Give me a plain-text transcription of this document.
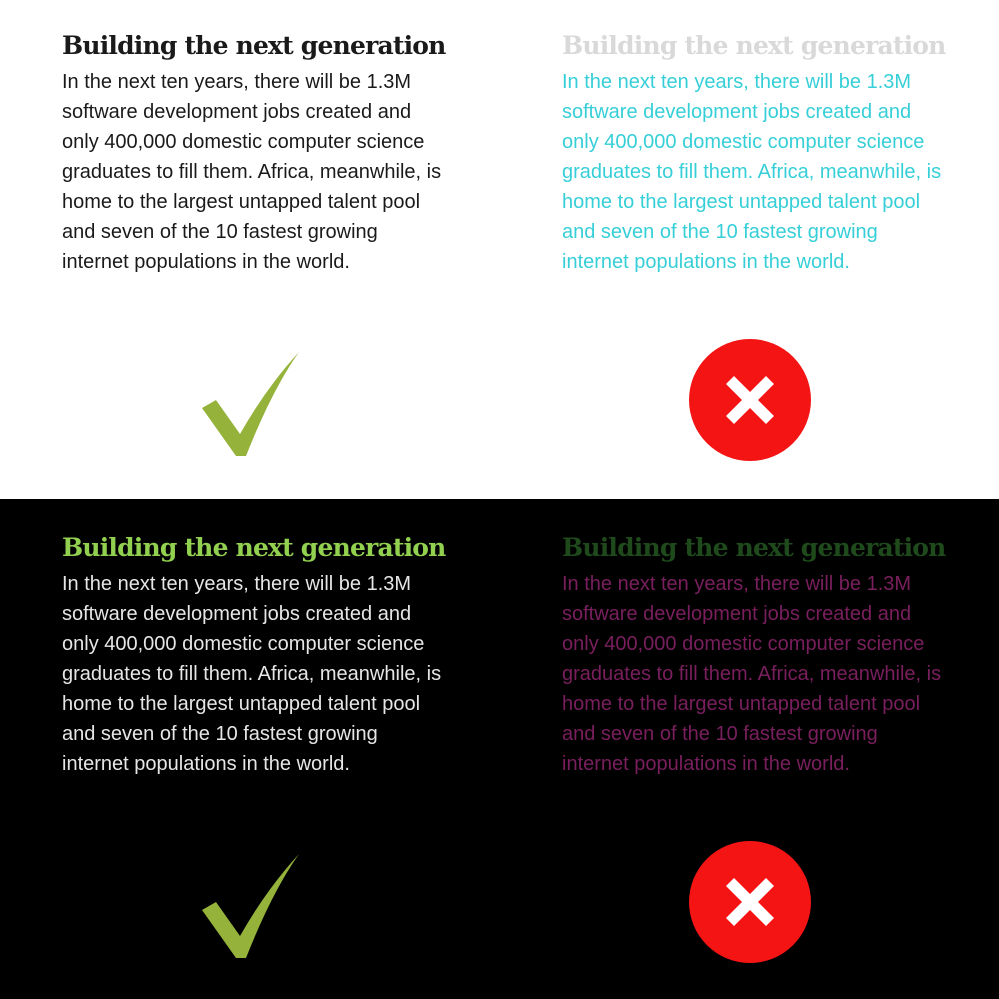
Building the next generation

In the next ten years, there will be 1.3M software development jobs created and only 400,000 domestic computer science graduates to fill them. Africa, meanwhile, is home to the largest untapped talent pool and seven of the 10 fastest growing internet populations in the world.

Building the next generation

In the next ten years, there will be 1.3M software development jobs created and only 400,000 domestic computer science graduates to fill them. Africa, meanwhile, is home to the largest untapped talent pool and seven of the 10 fastest growing internet populations in the world.

Building the next generation

In the next ten years, there will be 1.3M software development jobs created and only 400,000 domestic computer science graduates to fill them. Africa, meanwhile, is home to the largest untapped talent pool and seven of the 10 fastest growing internet populations in the world.

Building the next generation

In the next ten years, there will be 1.3M software development jobs created and only 400,000 domestic computer science graduates to fill them. Africa, meanwhile, is home to the largest untapped talent pool and seven of the 10 fastest growing internet populations in the world.
